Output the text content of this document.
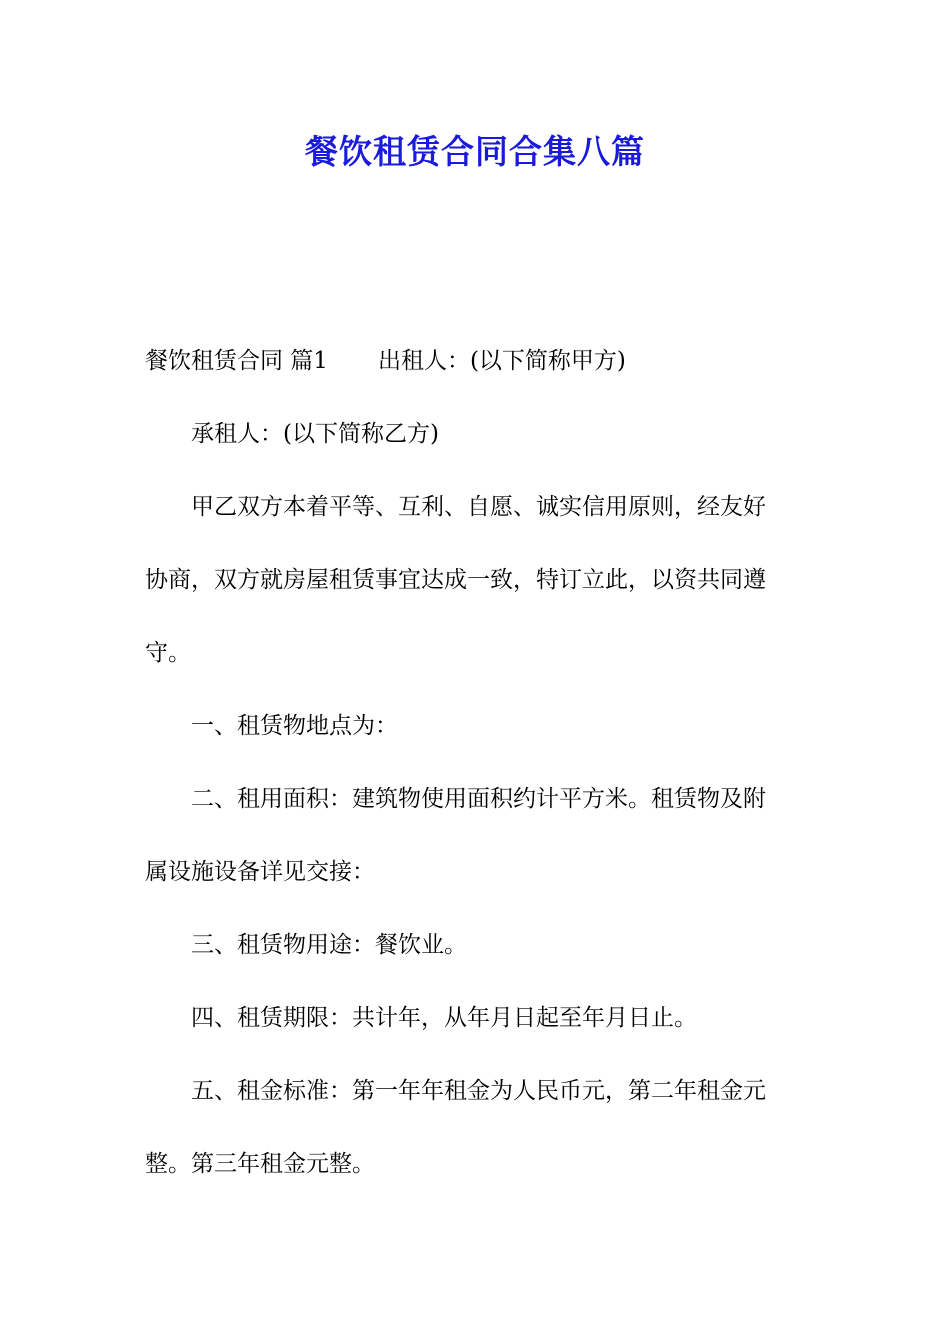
餐饮租赁合同合集八篇
餐饮租赁合同 篇1 出租人：(以下简称甲方)
承租人：(以下简称乙方)
甲乙双方本着平等、互利、自愿、诚实信用原则，经友好
协商，双方就房屋租赁事宜达成一致，特订立此，以资共同遵
守。
一、租赁物地点为：
二、租用面积：建筑物使用面积约计平方米。租赁物及附
属设施设备详见交接：
三、租赁物用途：餐饮业。
四、租赁期限：共计年，从年月日起至年月日止。
五、租金标准：第一年年租金为人民币元，第二年租金元
整。第三年租金元整。
